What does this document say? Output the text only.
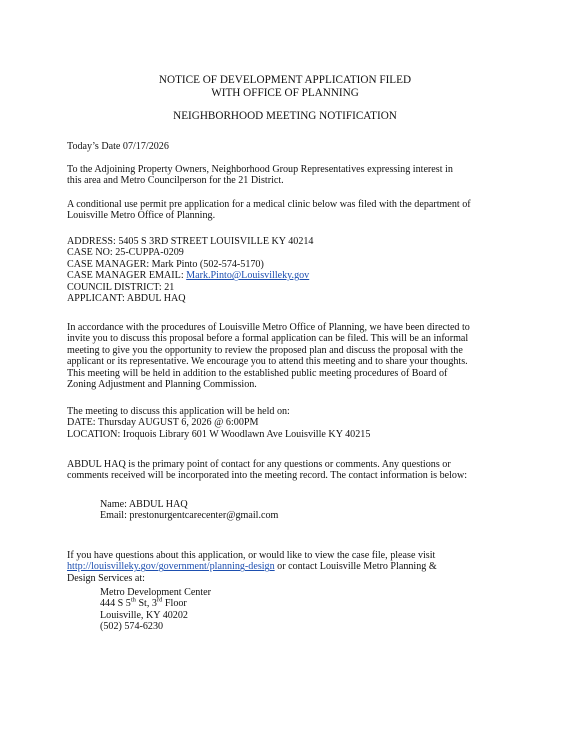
NOTICE OF DEVELOPMENT APPLICATION FILED
WITH OFFICE OF PLANNING
NEIGHBORHOOD MEETING NOTIFICATION
Today’s Date 07/17/2026
To the Adjoining Property Owners, Neighborhood Group Representatives expressing interest in
this area and Metro Councilperson for the 21 District.
A conditional use permit pre application for a medical clinic below was filed with the department of
Louisville Metro Office of Planning.
ADDRESS: 5405 S 3RD STREET LOUISVILLE KY 40214
CASE NO: 25-CUPPA-0209
CASE MANAGER: Mark Pinto (502-574-5170)
CASE MANAGER EMAIL: Mark.Pinto@Louisvilleky.gov
COUNCIL DISTRICT: 21
APPLICANT: ABDUL HAQ
In accordance with the procedures of Louisville Metro Office of Planning, we have been directed to
invite you to discuss this proposal before a formal application can be filed. This will be an informal
meeting to give you the opportunity to review the proposed plan and discuss the proposal with the
applicant or its representative. We encourage you to attend this meeting and to share your thoughts.
This meeting will be held in addition to the established public meeting procedures of Board of
Zoning Adjustment and Planning Commission.
The meeting to discuss this application will be held on:
DATE: Thursday AUGUST 6, 2026 @ 6:00PM
LOCATION: Iroquois Library 601 W Woodlawn Ave Louisville KY 40215
ABDUL HAQ is the primary point of contact for any questions or comments. Any questions or
comments received will be incorporated into the meeting record. The contact information is below:
Name: ABDUL HAQ
Email: prestonurgentcarecenter@gmail.com
If you have questions about this application, or would like to view the case file, please visit
http://louisvilleky.gov/government/planning-design or contact Louisville Metro Planning &
Design Services at:
Metro Development Center
444 S 5th St, 3rd Floor
Louisville, KY 40202
(502) 574-6230
